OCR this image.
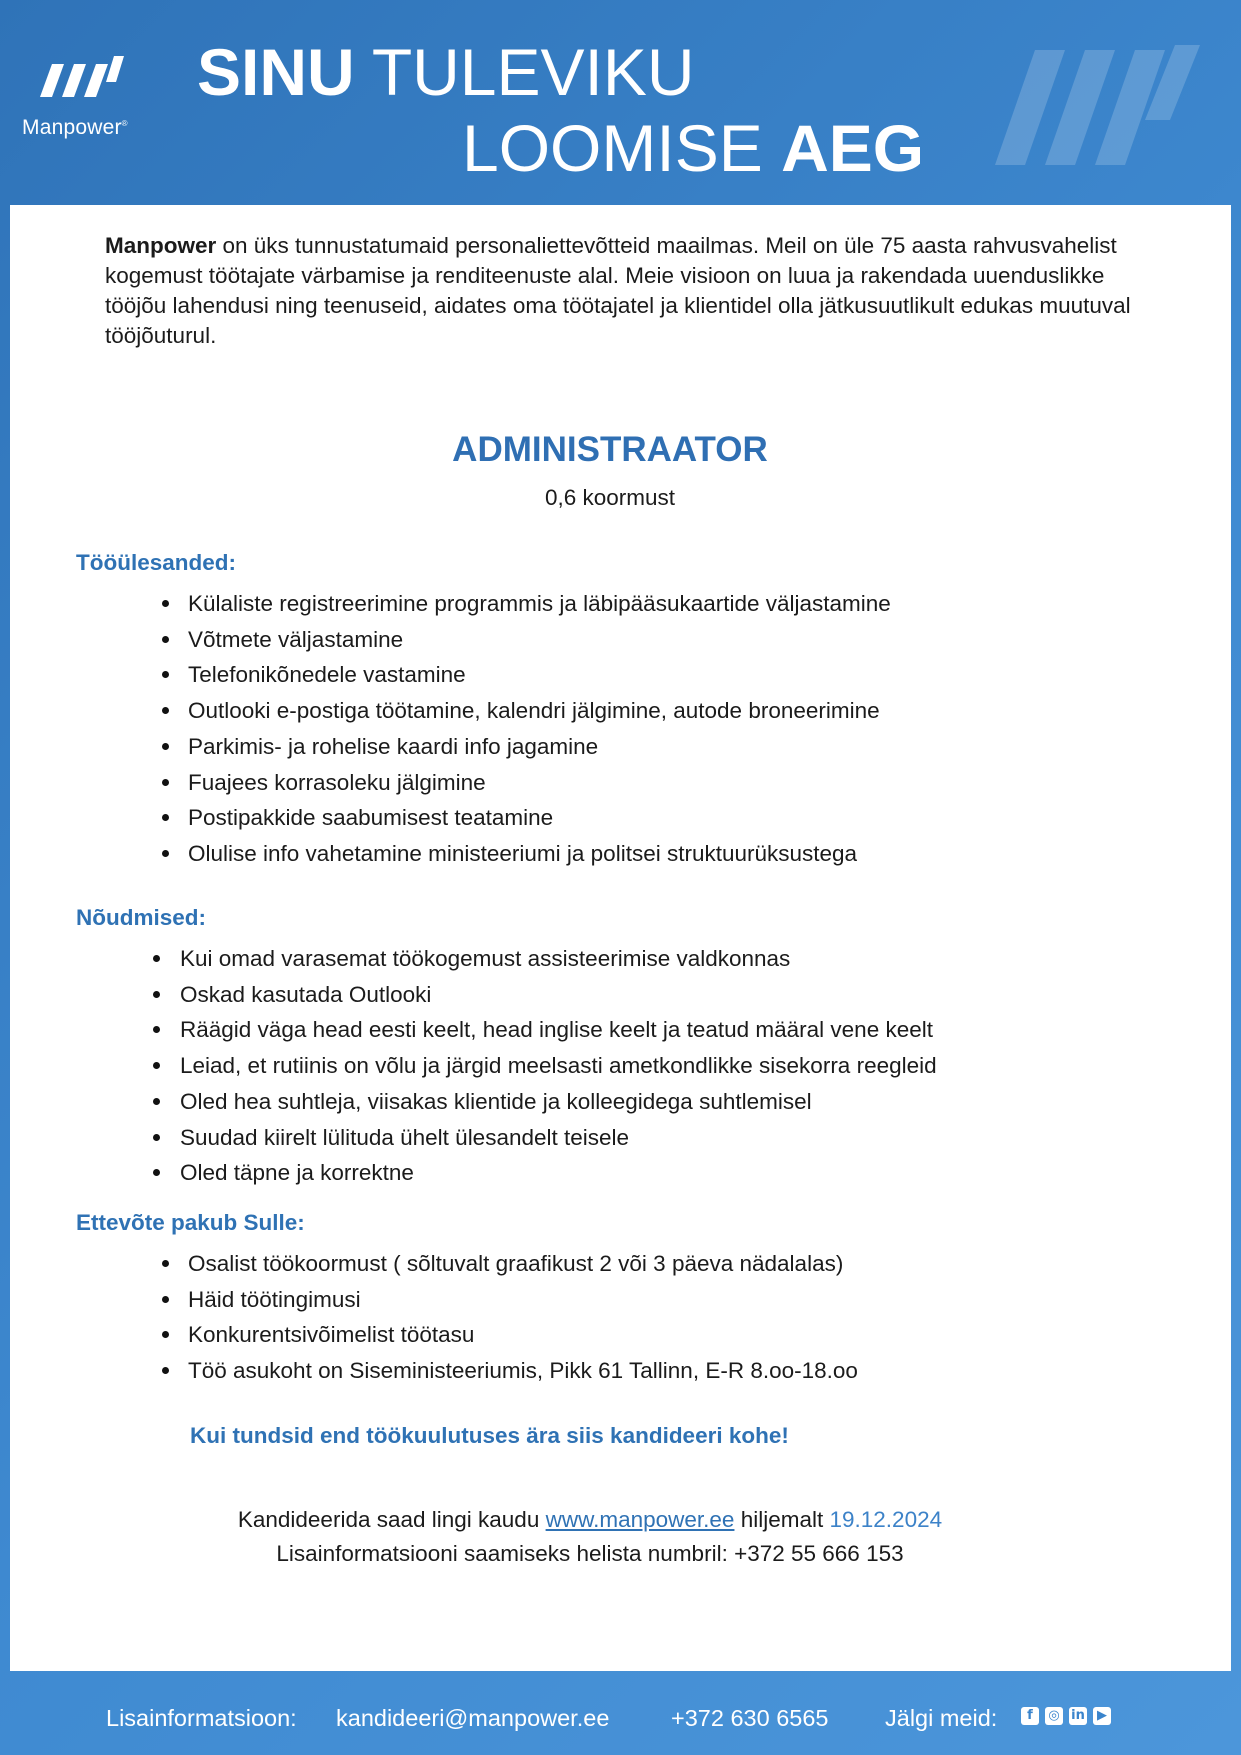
Manpower®
SINU TULEVIKU
LOOMISE AEG
Manpower on üks tunnustatumaid personaliettevõtteid maailmas. Meil on üle 75 aasta rahvusvahelist kogemust töötajate värbamise ja renditeenuste alal. Meie visioon on luua ja rakendada uuenduslikke tööjõu lahendusi ning teenuseid, aidates oma töötajatel ja klientidel olla jätkusuutlikult edukas muutuval tööjõuturul.
ADMINISTRAATOR
0,6 koormust
Tööülesanded:
Külaliste registreerimine programmis ja läbipääsukaartide väljastamine
Võtmete väljastamine
Telefonikõnedele vastamine
Outlooki e-postiga töötamine, kalendri jälgimine, autode broneerimine
Parkimis- ja rohelise kaardi info jagamine
Fuajees korrasoleku jälgimine
Postipakkide saabumisest teatamine
Olulise info vahetamine ministeeriumi ja politsei struktuurüksustega
Nõudmised:
Kui omad varasemat töökogemust assisteerimise valdkonnas
Oskad kasutada Outlooki
Räägid väga head eesti keelt, head inglise keelt ja teatud määral vene keelt
Leiad, et rutiinis on võlu ja järgid meelsasti ametkondlikke sisekorra reegleid
Oled hea suhtleja, viisakas klientide ja kolleegidega suhtlemisel
Suudad kiirelt lülituda ühelt ülesandelt teisele
Oled täpne ja korrektne
Ettevõte pakub Sulle:
Osalist töökoormust ( sõltuvalt graafikust 2 või 3 päeva nädalalas)
Häid töötingimusi
Konkurentsivõimelist töötasu
Töö asukoht on Siseministeeriumis, Pikk 61 Tallinn, E-R 8.oo-18.oo
Kui tundsid end töökuulutuses ära siis kandideeri kohe!
Kandideerida saad lingi kaudu www.manpower.ee hiljemalt 19.12.2024
Lisainformatsiooni saamiseks helista numbril: +372 55 666 153
Lisainformatsioon: kandideeri@manpower.ee	+372 630 6565 Jälgi meid:	f	◎ in ▶
